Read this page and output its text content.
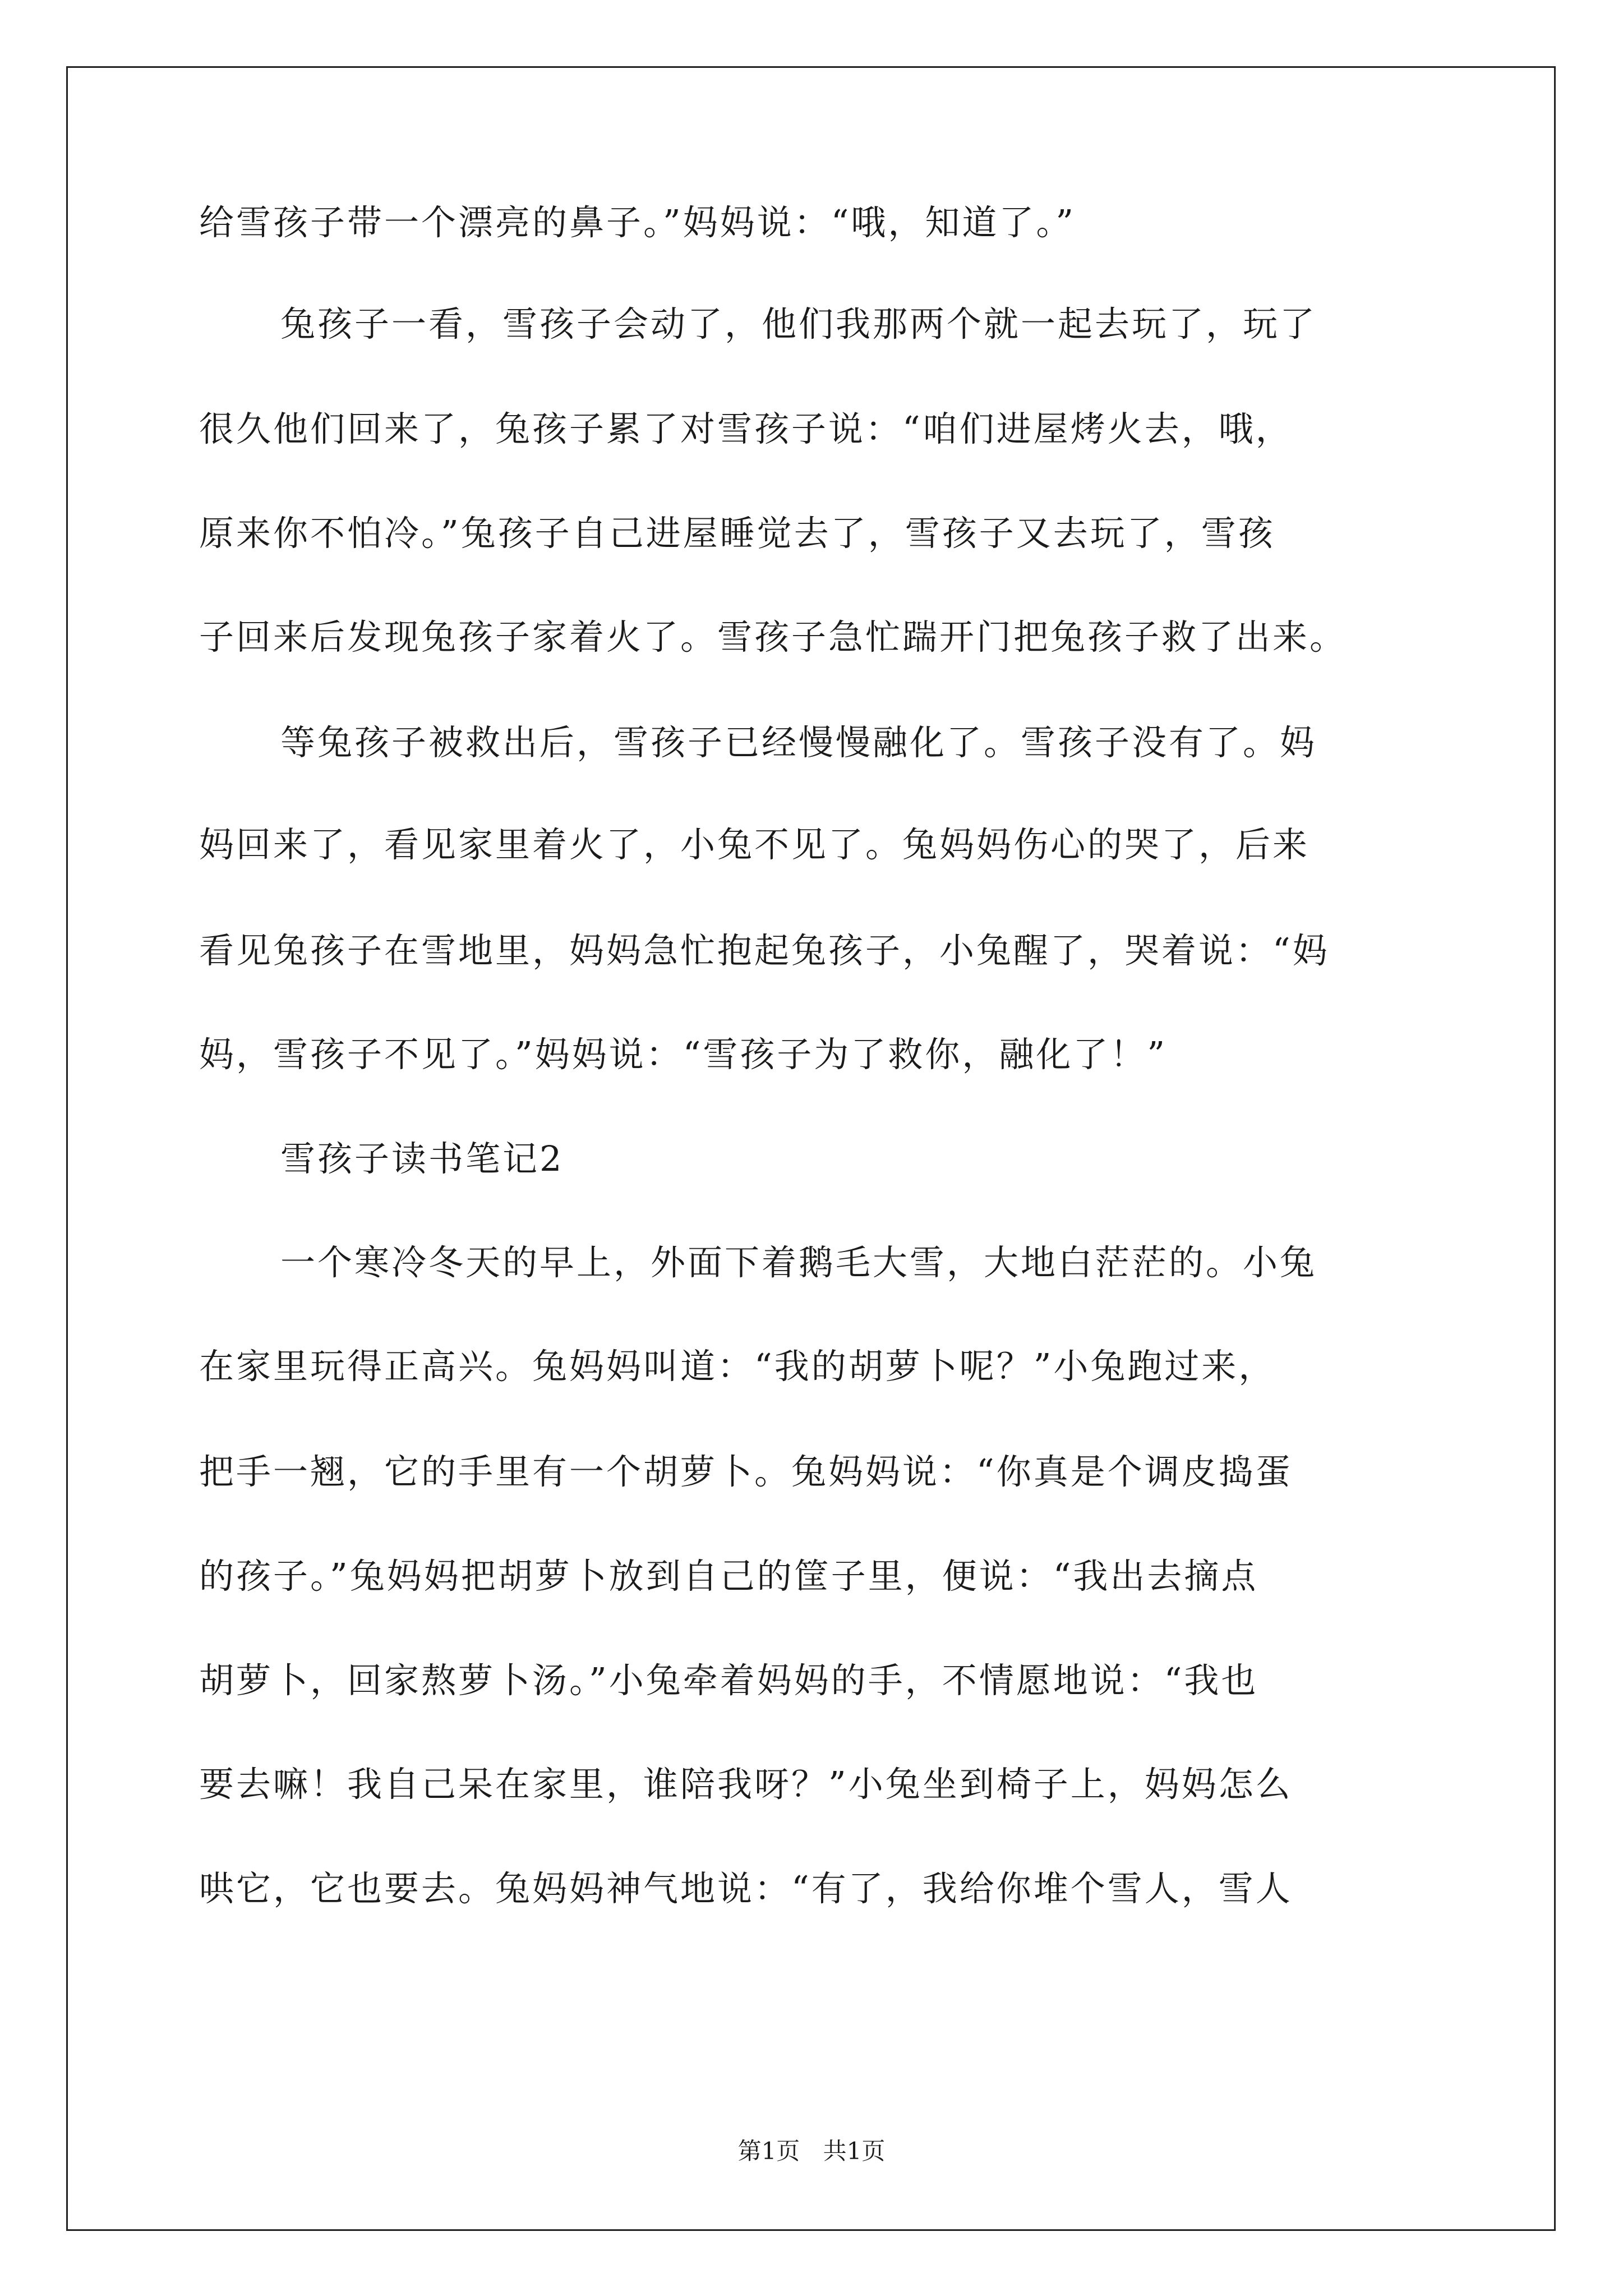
给雪孩子带一个漂亮的鼻子。”妈妈说：“哦，知道了。”
兔孩子一看，雪孩子会动了，他们我那两个就一起去玩了，玩了
很久他们回来了，兔孩子累了对雪孩子说：“咱们进屋烤火去，哦，
原来你不怕冷。”兔孩子自己进屋睡觉去了，雪孩子又去玩了，雪孩
子回来后发现兔孩子家着火了。雪孩子急忙踹开门把兔孩子救了出来。
等兔孩子被救出后，雪孩子已经慢慢融化了。雪孩子没有了。妈
妈回来了，看见家里着火了，小兔不见了。兔妈妈伤心的哭了，后来
看见兔孩子在雪地里，妈妈急忙抱起兔孩子，小兔醒了，哭着说：“妈
妈，雪孩子不见了。”妈妈说：“雪孩子为了救你，融化了！”
雪孩子读书笔记2
一个寒冷冬天的早上，外面下着鹅毛大雪，大地白茫茫的。小兔
在家里玩得正高兴。兔妈妈叫道：“我的胡萝卜呢？”小兔跑过来，
把手一翘，它的手里有一个胡萝卜。兔妈妈说：“你真是个调皮捣蛋
的孩子。”兔妈妈把胡萝卜放到自己的筐子里，便说：“我出去摘点
胡萝卜，回家熬萝卜汤。”小兔牵着妈妈的手，不情愿地说：“我也
要去嘛！我自己呆在家里，谁陪我呀？”小兔坐到椅子上，妈妈怎么
哄它，它也要去。兔妈妈神气地说：“有了，我给你堆个雪人，雪人
第1页 共1页
